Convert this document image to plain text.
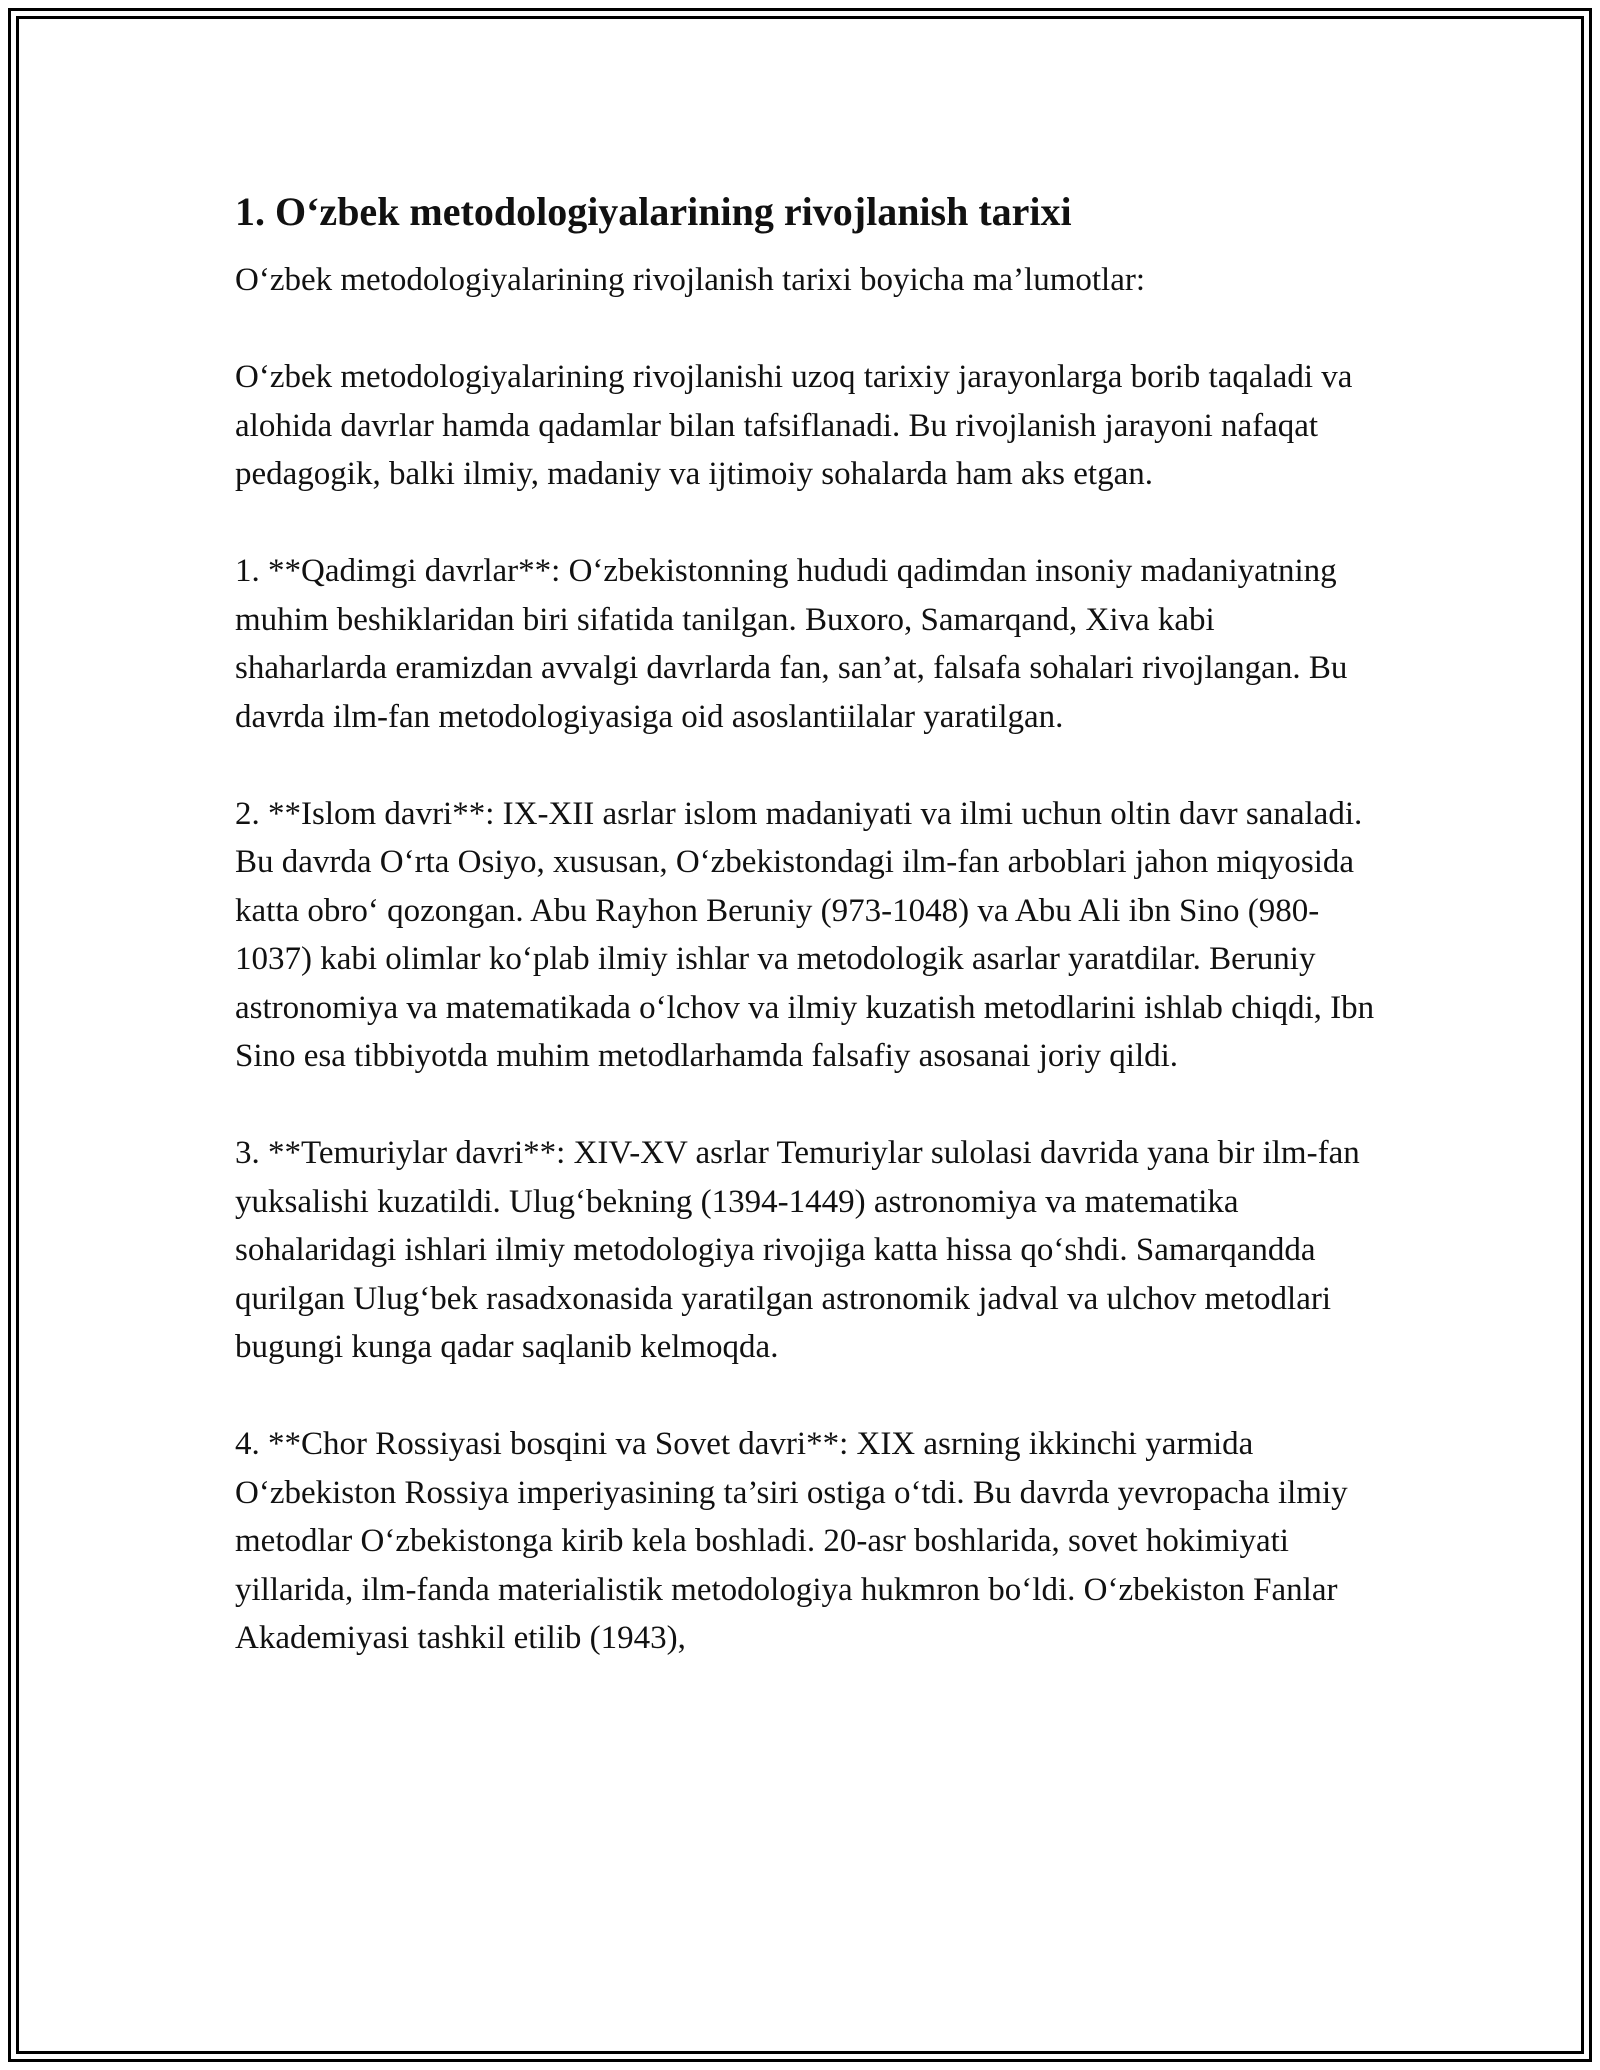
1. O‘zbek metodologiyalarining rivojlanish tarixi

O‘zbek metodologiyalarining rivojlanish tarixi boyicha ma’lumotlar:

O‘zbek metodologiyalarining rivojlanishi uzoq tarixiy jarayonlarga borib taqaladi va alohida davrlar hamda qadamlar bilan tafsiflanadi. Bu rivojlanish jarayoni nafaqat pedagogik, balki ilmiy, madaniy va ijtimoiy sohalarda ham aks etgan.

1. **Qadimgi davrlar**: O‘zbekistonning hududi qadimdan insoniy madaniyatning muhim beshiklaridan biri sifatida tanilgan. Buxoro, Samarqand, Xiva kabi shaharlarda eramizdan avvalgi davrlarda fan, san’at, falsafa sohalari rivojlangan. Bu davrda ilm-fan metodologiyasiga oid asoslantiilalar yaratilgan.

2. **Islom davri**: IX-XII asrlar islom madaniyati va ilmi uchun oltin davr sanaladi. Bu davrda O‘rta Osiyo, xususan, O‘zbekistondagi ilm-fan arboblari jahon miqyosida katta obro‘ qozongan. Abu Rayhon Beruniy (973-1048) va Abu Ali ibn Sino (980-1037) kabi olimlar ko‘plab ilmiy ishlar va metodologik asarlar yaratdilar. Beruniy astronomiya va matematikada o‘lchov va ilmiy kuzatish metodlarini ishlab chiqdi, Ibn Sino esa tibbiyotda muhim metodlarhamda falsafiy asosanai joriy qildi.

3. **Temuriylar davri**: XIV-XV asrlar Temuriylar sulolasi davrida yana bir ilm-fan yuksalishi kuzatildi. Ulug‘bekning (1394-1449) astronomiya va matematika sohalaridagi ishlari ilmiy metodologiya rivojiga katta hissa qo‘shdi. Samarqandda qurilgan Ulug‘bek rasadxonasida yaratilgan astronomik jadval va ulchov metodlari bugungi kunga qadar saqlanib kelmoqda.

4. **Chor Rossiyasi bosqini va Sovet davri**: XIX asrning ikkinchi yarmida O‘zbekiston Rossiya imperiyasining ta’siri ostiga o‘tdi. Bu davrda yevropacha ilmiy metodlar O‘zbekistonga kirib kela boshladi. 20-asr boshlarida, sovet hokimiyati yillarida, ilm-fanda materialistik metodologiya hukmron bo‘ldi. O‘zbekiston Fanlar Akademiyasi tashkil etilib (1943),
